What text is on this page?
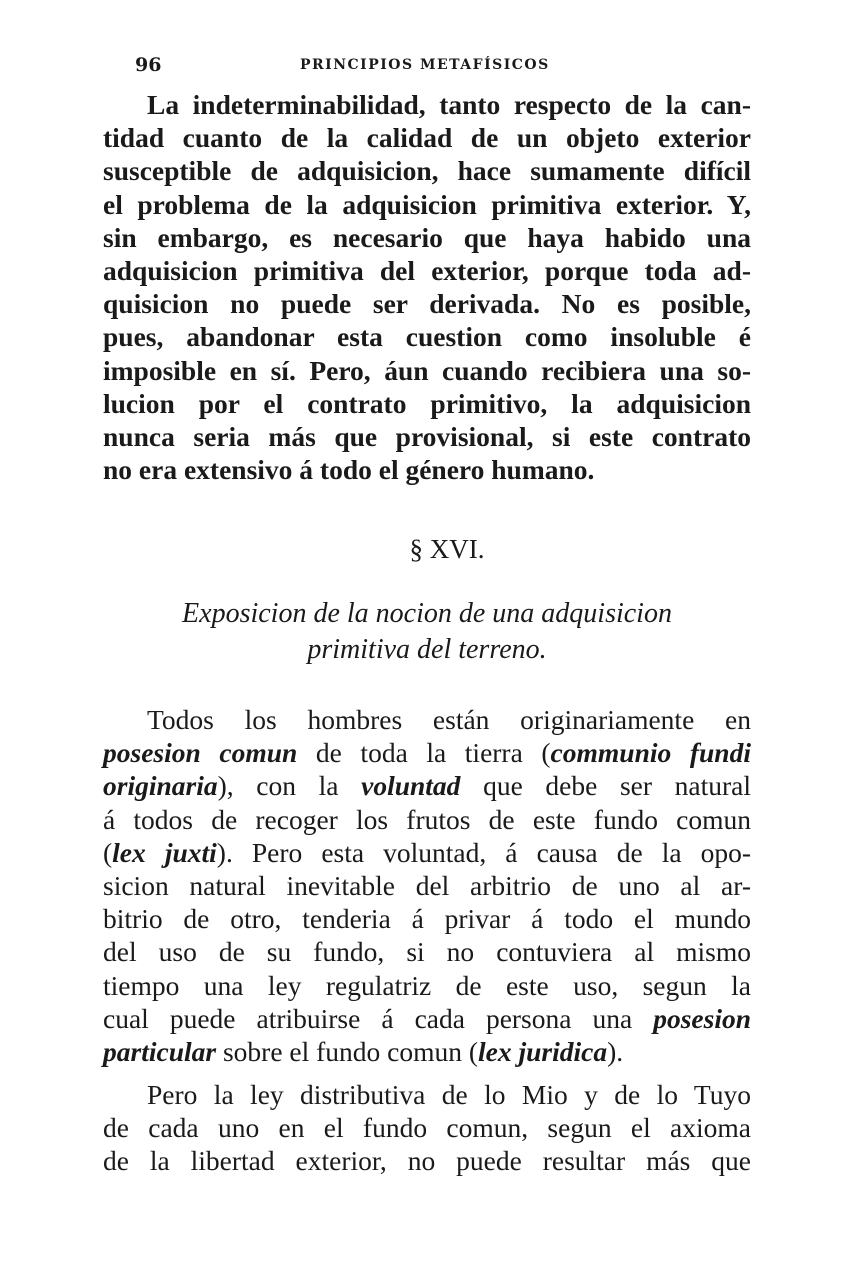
96	PRINCIPIOS METAFÍSICOS
La indeterminabilidad, tanto respecto de la can-
tidad cuanto de la calidad de un objeto exterior
susceptible de adquisicion, hace sumamente difícil
el problema de la adquisicion primitiva exterior. Y,
sin embargo, es necesario que haya habido una
adquisicion primitiva del exterior, porque toda ad-
quisicion no puede ser derivada. No es posible,
pues, abandonar esta cuestion como insoluble é
imposible en sí. Pero, áun cuando recibiera una so-
lucion por el contrato primitivo, la adquisicion
nunca seria más que provisional, si este contrato
no era extensivo á todo el género humano.
§ XVI.
Exposicion de la nocion de una adquisicion
primitiva del terreno.
Todos los hombres están originariamente en
posesion comun de toda la tierra (communio fundi
originaria), con la voluntad que debe ser natural
á todos de recoger los frutos de este fundo comun
(lex juxti). Pero esta voluntad, á causa de la opo-
sicion natural inevitable del arbitrio de uno al ar-
bitrio de otro, tenderia á privar á todo el mundo
del uso de su fundo, si no contuviera al mismo
tiempo una ley regulatriz de este uso, segun la
cual puede atribuirse á cada persona una posesion
particular sobre el fundo comun (lex juridica).
Pero la ley distributiva de lo Mio y de lo Tuyo
de cada uno en el fundo comun, segun el axioma
de la libertad exterior, no puede resultar más que
